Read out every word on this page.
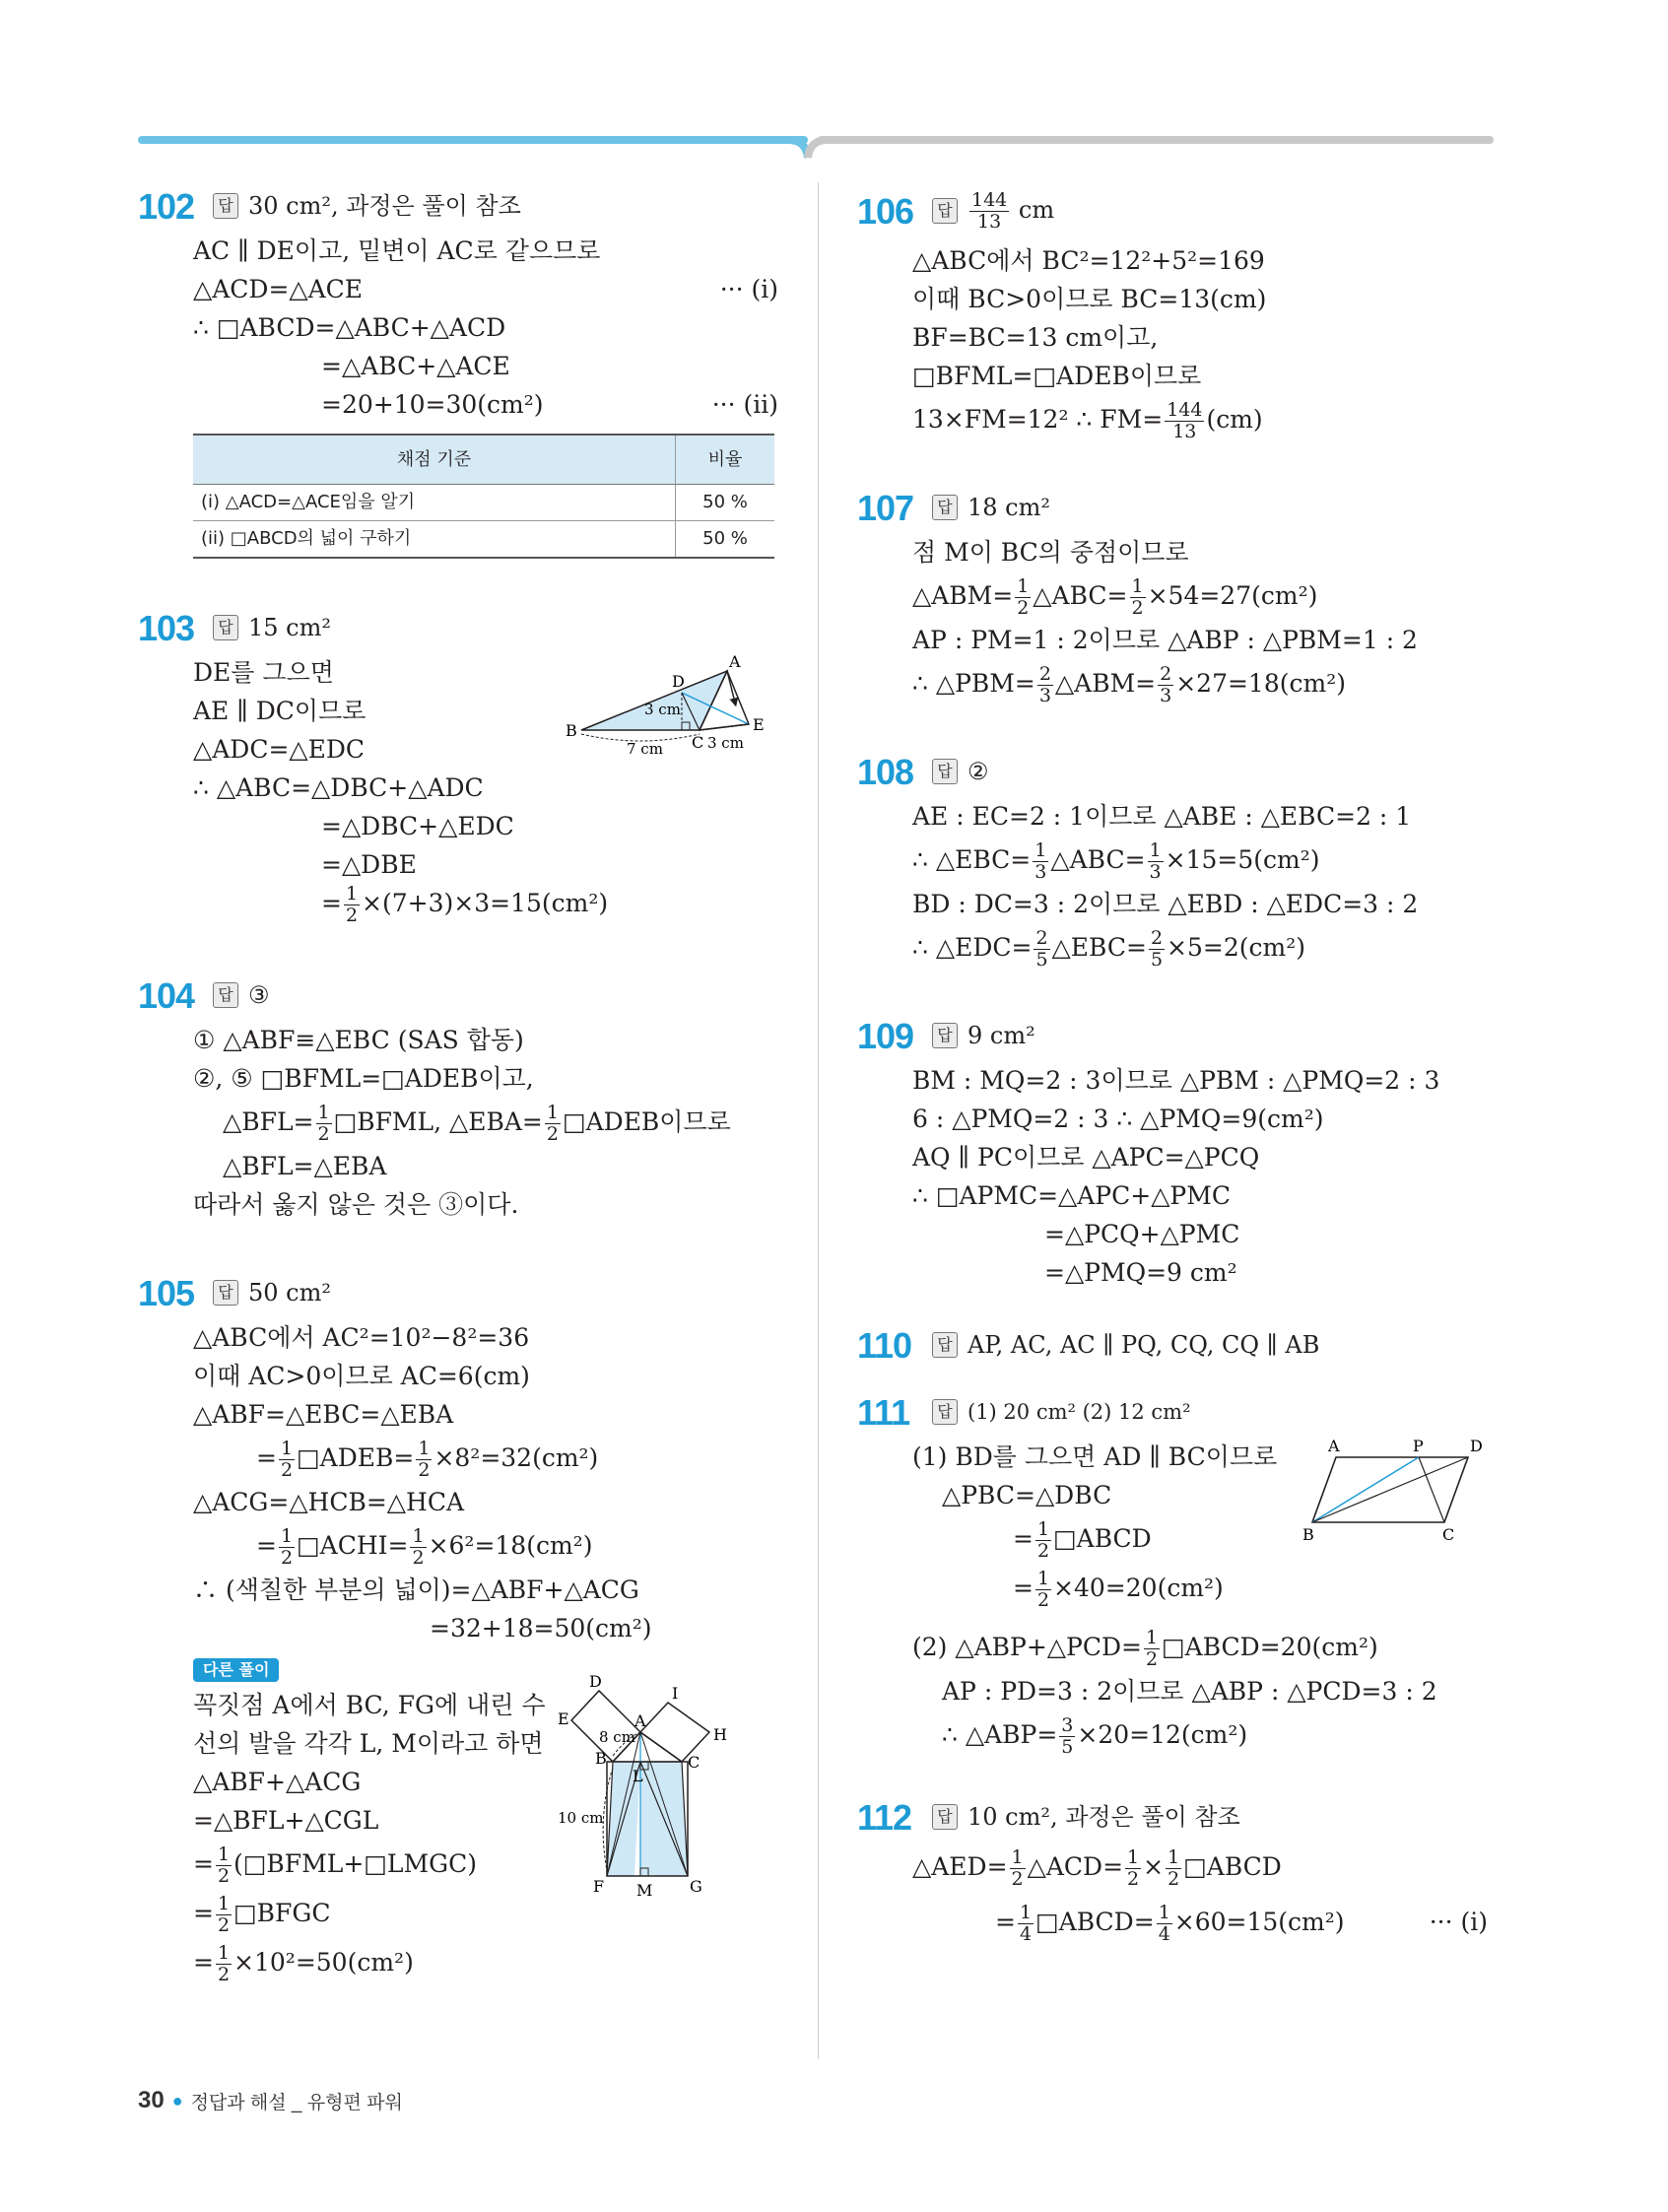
102	답 30 cm², 과정은 풀이 참조
AC ∥ DE이고, 밑변이 AC로 같으므로
△ACD=△ACE	··· (i)
∴ □ABCD=△ABC+△ACD
=△ABC+△ACE
=20+10=30(cm²)	··· (ii)
채점 기준	비율
(i) △ACD=△ACE임을 알기	50 %
(ii) □ABCD의 넓이 구하기	50 %
103	답 15 cm²
DE를 그으면
AE ∥ DC이므로
△ADC=△EDC
∴ △ABC=△DBC+△ADC
=△DBC+△EDC
=△DBE
= $\frac{1}{2} \times(7+3)\times 3=15(cm^2)$
B
A
D
E
C
3 cm
7 cm	3 cm
104	답 ③
① △ABF≡△EBC (SAS 합동)
②, ⑤ □BFML=□ADEB이고,
△BFL= $\frac{1}{2}$ □BFML, △EBA= $\frac{1}{2}$ □ADEB이므로
△BFL=△EBA
따라서 옳지 않은 것은 ③이다.
105	답 50 cm²
△ABC에서 AC²=10²−8²=36
이때 AC>0이므로 AC=6(cm)
△ABF=△EBC=△EBA
= $\frac{1}{2}$ □ADEB= $\frac{1}{2} \times 8^2=32(cm^2)$
△ACG=△HCB=△HCA
= $\frac{1}{2}$ □ACHI= $\frac{1}{2} \times 6^2=18(cm^2)$
∴ (색칠한 부분의 넓이)=△ABF+△ACG
=32+18=50(cm²)
다른 풀이
꼭짓점 A에서 BC, FG에 내린 수
선의 발을 각각 L, M이라고 하면
△ABF+△ACG
=△BFL+△CGL
= $\frac{1}{2}$ (□BFML+□LMGC)
= $\frac{1}{2}$ □BFGC
= $\frac{1}{2} \times 10^2=50(cm^2)$
D
E
I
H
A
B	C
L
F M G
8 cm
10 cm
106	답 $\frac{144}{13}$ cm
△ABC에서 BC²=12²+5²=169
이때 BC>0이므로 BC=13(cm)
BF=BC=13 cm이고,
□BFML=□ADEB이므로
13×FM=12² ∴ $FM= \frac{144}{13} (cm)$
107	답 18 cm²
점 M이 BC의 중점이므로
△ABM= $\frac{1}{2}$ △ABC= $\frac{1}{2} \times 54=27(cm^2)$
AP : PM=1 : 2이므로 △ABP : △PBM=1 : 2
∴ △PBM= $\frac{2}{3}$ △ABM= $\frac{2}{3} \times 27=18(cm^2)$
108	답 ②
AE : EC=2 : 1이므로 △ABE : △EBC=2 : 1
∴ △EBC= $\frac{1}{3}$ △ABC= $\frac{1}{3} \times 15=5(cm^2)$
BD : DC=3 : 2이므로 △EBD : △EDC=3 : 2
∴ △EDC= $\frac{2}{5}$ △EBC= $\frac{2}{5} \times 5=2(cm^2)$
109	답 9 cm²
BM : MQ=2 : 3이므로 △PBM : △PMQ=2 : 3
6 : △PMQ=2 : 3 ∴ △PMQ=9(cm²)
AQ ∥ PC이므로 △APC=△PCQ
∴ □APMC=△APC+△PMC
=△PCQ+△PMC
=△PMQ=9 cm²
110	답 AP, AC, AC ∥ PQ, CQ, CQ ∥ AB
111	답 (1) 20 cm² (2) 12 cm²
(1) BD를 그으면 AD ∥ BC이므로
△PBC=△DBC
= $\frac{1}{2}$ □ABCD
= $\frac{1}{2} \times 40=20(cm^2)$
(2) △ABP+△PCD= $\frac{1}{2}$ □ABCD=20(cm²)
AP : PD=3 : 2이므로 △ABP : △PCD=3 : 2
∴ △ABP= $\frac{3}{5} \times 20=12(cm^2)$
A	P	D
B	C
112	답 10 cm², 과정은 풀이 참조
△AED= $\frac{1}{2}$ △ACD= $\frac{1}{2} \times \frac{1}{2}$ □ABCD
= $\frac{1}{4}$ □ABCD= $\frac{1}{4} \times 60=15(cm^2)$	··· (i)
30 ● 정답과 해설 _ 유형편 파워
